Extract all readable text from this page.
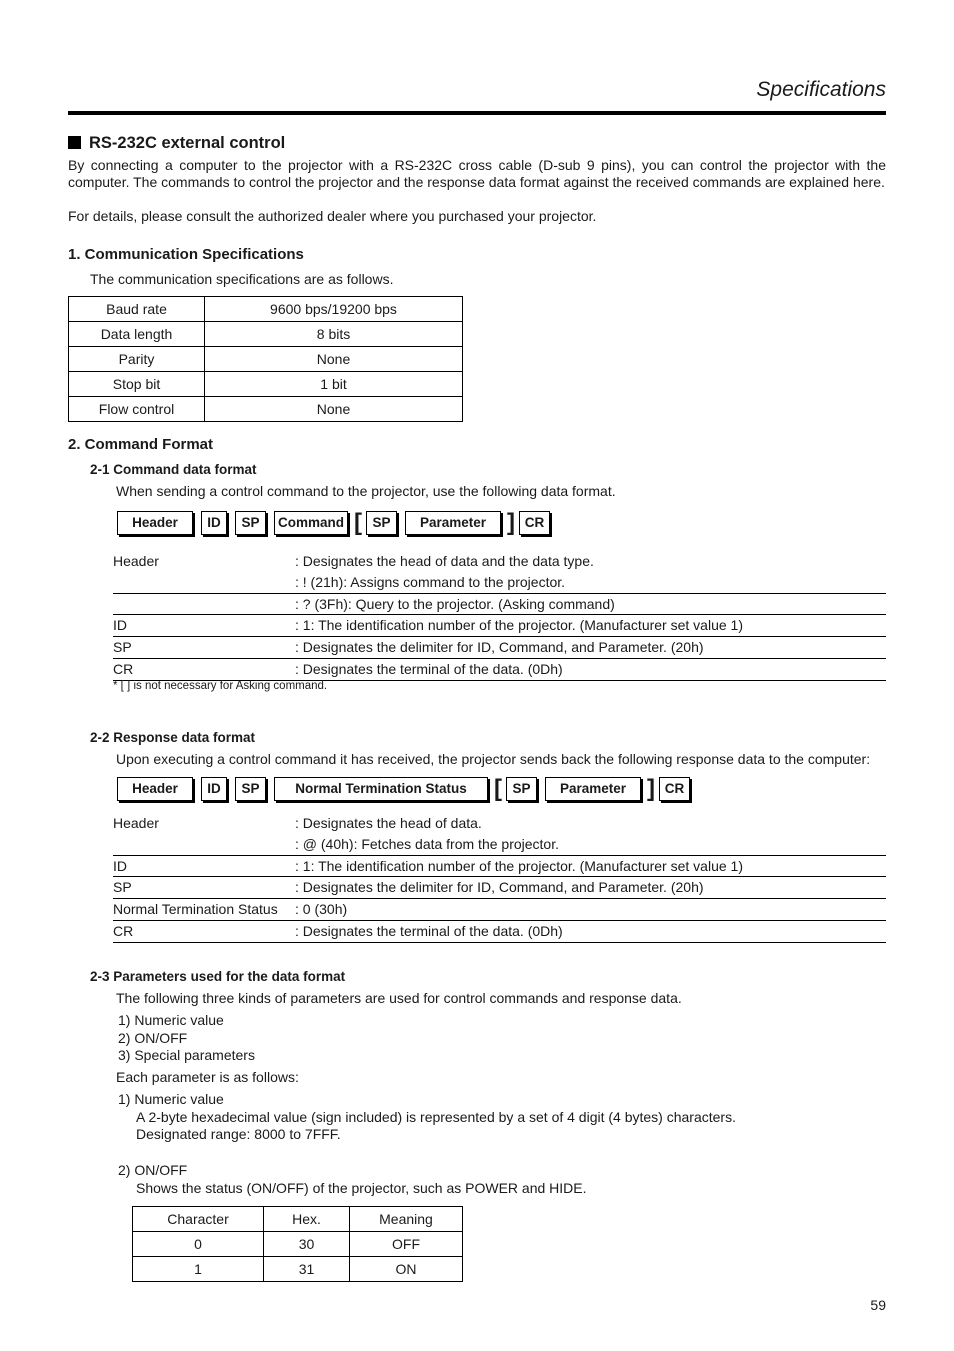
Specifications
RS-232C external control
By connecting a computer to the projector with a RS-232C cross cable (D-sub 9 pins), you can control the projector with the computer. The commands to control the projector and the response data format against the received commands are explained here.
For details, please consult the authorized dealer where you purchased your projector.
1. Communication Specifications
The communication specifications are as follows.
Baud rate	9600 bps/19200 bps
Data length	8 bits
Parity	None
Stop bit	1 bit
Flow control	None
2. Command Format
2-1 Command data format
When sending a control command to the projector, use the following data format.
Header	ID	SP	Command [ SP	Parameter ] CR
Header	: Designates the head of data and the data type.
: ! (21h): Assigns command to the projector.
: ? (3Fh): Query to the projector. (Asking command)
ID	: 1: The identification number of the projector. (Manufacturer set value 1)
SP	: Designates the delimiter for ID, Command, and Parameter. (20h)
CR	: Designates the terminal of the data. (0Dh)
* [ ] is not necessary for Asking command.
2-2 Response data format
Upon executing a control command it has received, the projector sends back the following response data to the computer:
Header	ID	SP	Normal Termination Status	[ SP	Parameter ] CR
Header	: Designates the head of data.
: @ (40h): Fetches data from the projector.
ID	: 1: The identification number of the projector. (Manufacturer set value 1)
SP	: Designates the delimiter for ID, Command, and Parameter. (20h)
Normal Termination Status	: 0 (30h)
CR	: Designates the terminal of the data. (0Dh)
2-3 Parameters used for the data format
The following three kinds of parameters are used for control commands and response data.
1) Numeric value
2) ON/OFF
3) Special parameters
Each parameter is as follows:
1) Numeric value
A 2-byte hexadecimal value (sign included) is represented by a set of 4 digit (4 bytes) characters.
Designated range: 8000 to 7FFF.
2) ON/OFF
Shows the status (ON/OFF) of the projector, such as POWER and HIDE.
Character	Hex.	Meaning
0	30	OFF
1	31	ON
59
